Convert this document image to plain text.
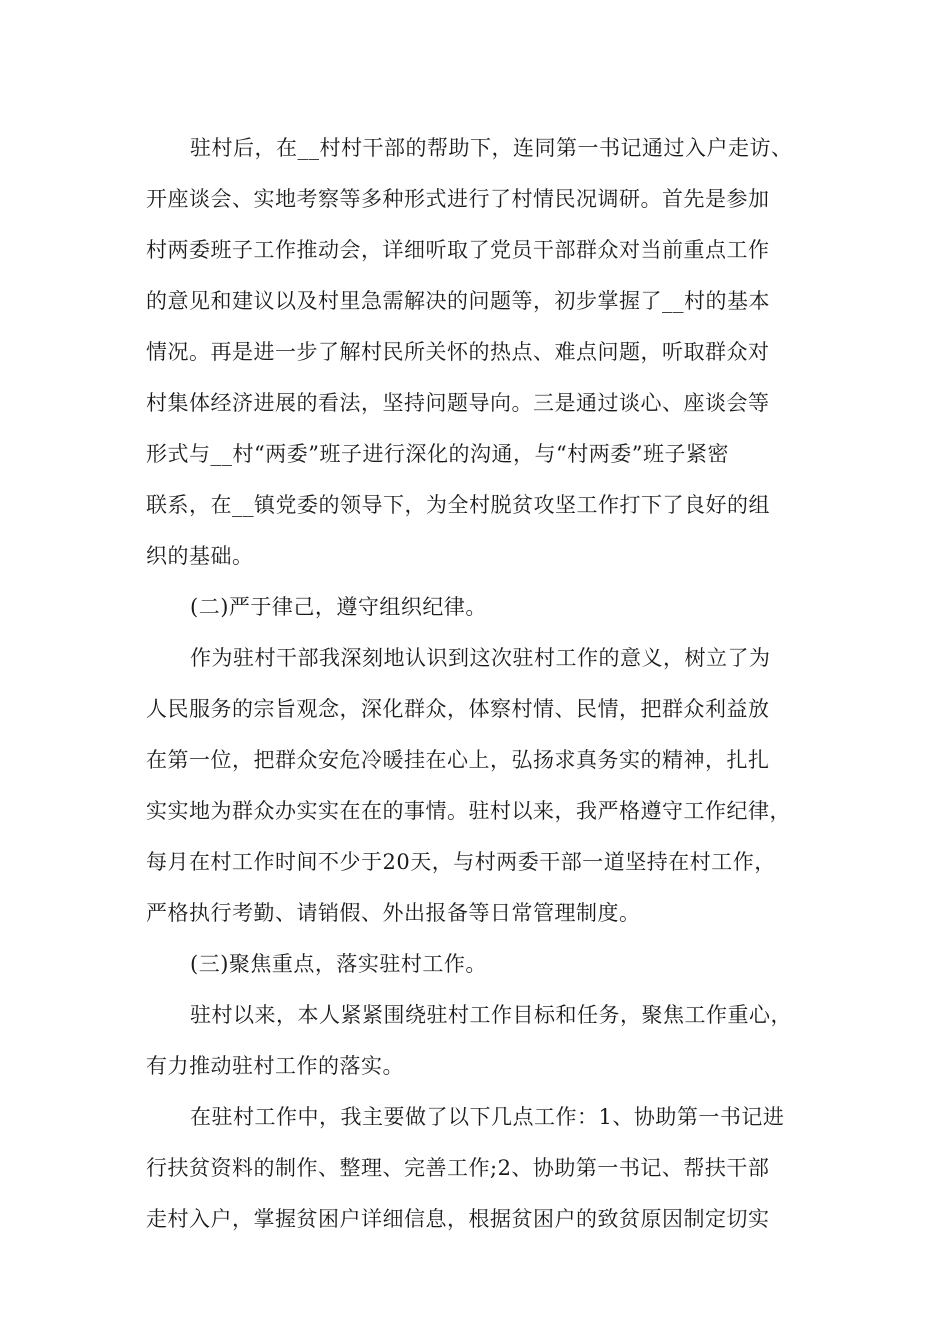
驻村后，在__村村干部的帮助下，连同第一书记通过入户走访、
开座谈会、实地考察等多种形式进行了村情民况调研。首先是参加
村两委班子工作推动会，详细听取了党员干部群众对当前重点工作
的意见和建议以及村里急需解决的问题等，初步掌握了__村的基本
情况。再是进一步了解村民所关怀的热点、难点问题，听取群众对
村集体经济进展的看法，坚持问题导向。三是通过谈心、座谈会等
形式与__村“两委”班子进行深化的沟通，与“村两委”班子紧密
联系，在__镇党委的领导下，为全村脱贫攻坚工作打下了良好的组
织的基础。
(二)严于律己，遵守组织纪律。
作为驻村干部我深刻地认识到这次驻村工作的意义，树立了为
人民服务的宗旨观念，深化群众，体察村情、民情，把群众利益放
在第一位，把群众安危冷暖挂在心上，弘扬求真务实的精神，扎扎
实实地为群众办实实在在的事情。驻村以来，我严格遵守工作纪律，
每月在村工作时间不少于20天，与村两委干部一道坚持在村工作，
严格执行考勤、请销假、外出报备等日常管理制度。
(三)聚焦重点，落实驻村工作。
驻村以来，本人紧紧围绕驻村工作目标和任务，聚焦工作重心，
有力推动驻村工作的落实。
在驻村工作中，我主要做了以下几点工作：1、协助第一书记进
行扶贫资料的制作、整理、完善工作;2、协助第一书记、帮扶干部
走村入户，掌握贫困户详细信息，根据贫困户的致贫原因制定切实
